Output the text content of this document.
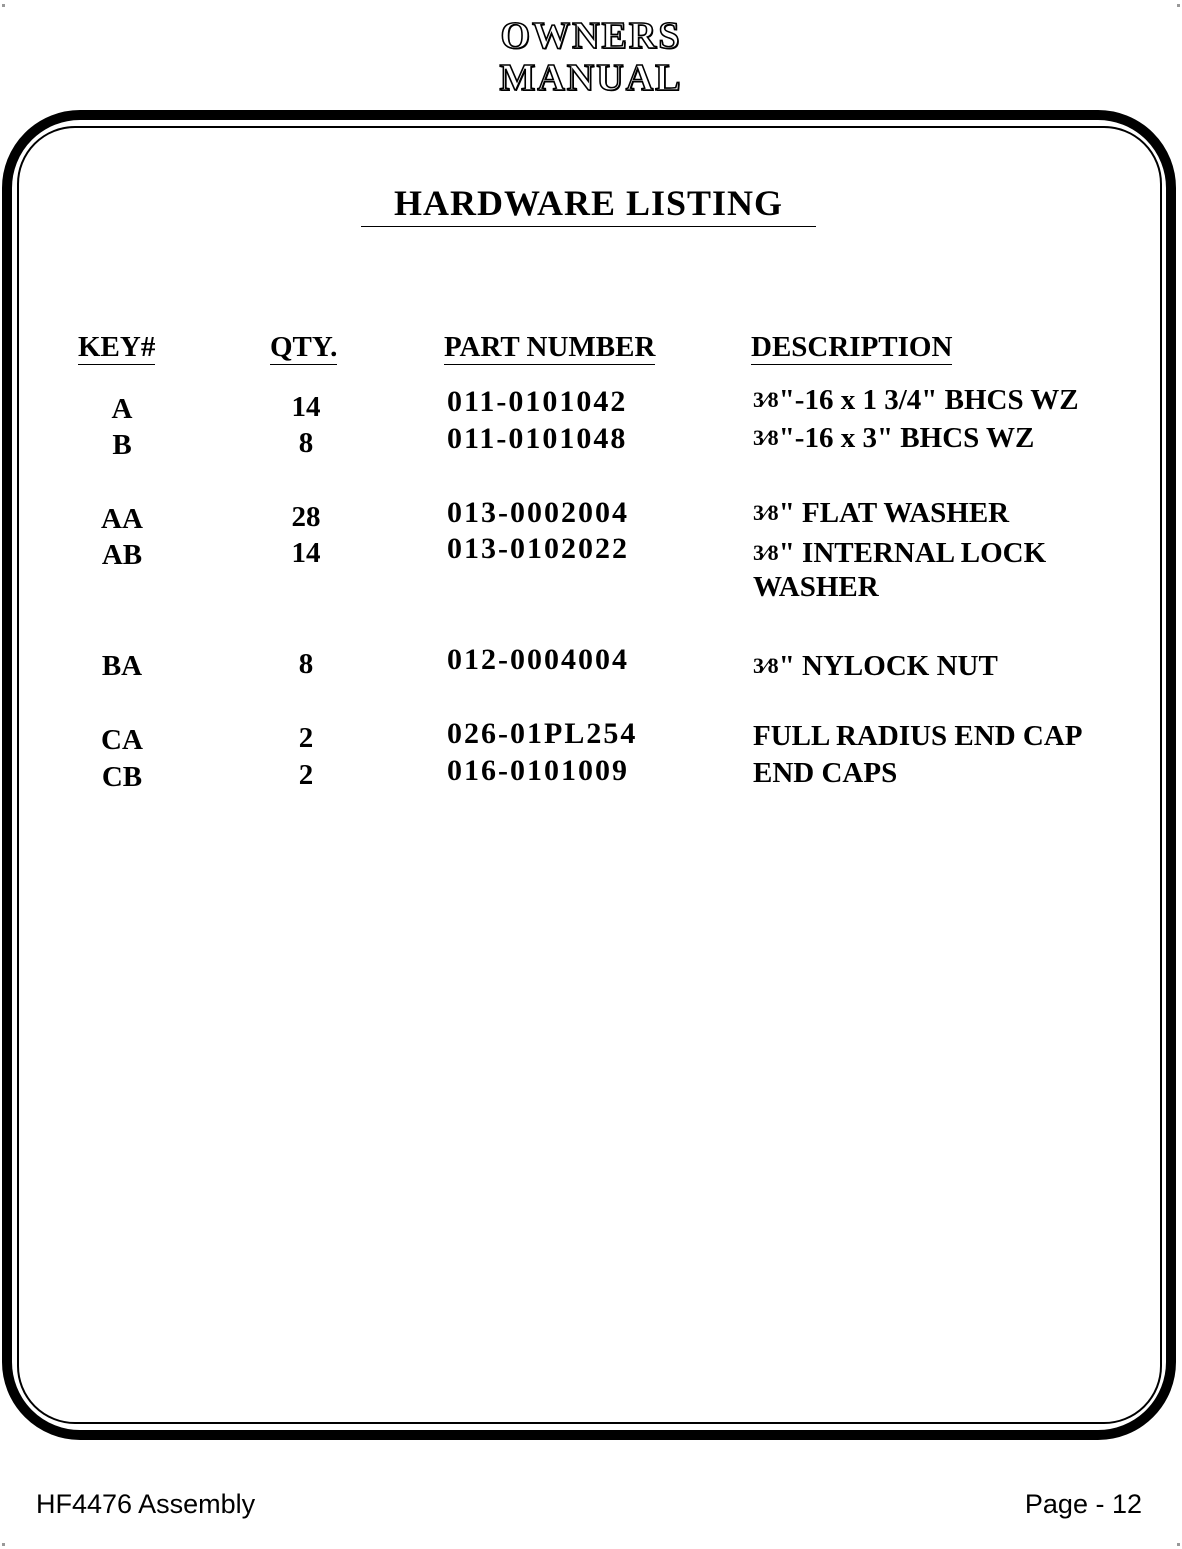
OWNERS
MANUAL
HARDWARE LISTING
KEY#	QTY.	PART NUMBER	DESCRIPTION
A	14	011-0101042	3⁄8"-16 x 1 3/4" BHCS WZ
B	8	011-0101048	3⁄8"-16 x 3" BHCS WZ
AA	28	013-0002004	3⁄8" FLAT WASHER
AB	14	013-0102022	3⁄8" INTERNAL LOCK
WASHER
BA	8	012-0004004	3⁄8" NYLOCK NUT
CA	2	026-01PL254	FULL RADIUS END CAP
CB	2	016-0101009	END CAPS
HF4476 Assembly	Page - 12
